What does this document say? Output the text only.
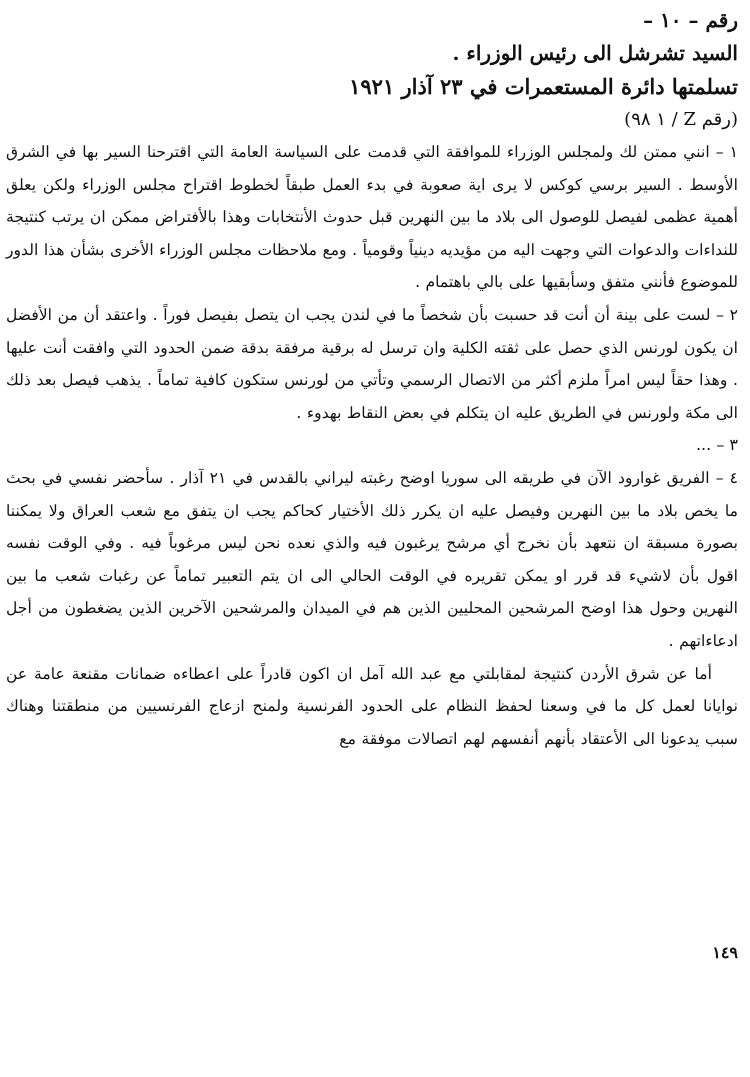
رقم – ١٠ –
السيد تشرشل الى رئيس الوزراء .
تسلمتها دائرة المستعمرات في ٢٣ آذار ١٩٢١
(رقم Z / ١ ٩٨)

١ – انني ممتن لك ولمجلس الوزراء للموافقة التي قدمت على السياسة العامة التي اقترحنا السير بها في الشرق الأوسط . السير برسي كوكس لا يرى اية صعوبة في بدء العمل طبقاً لخطوط اقتراح مجلس الوزراء ولكن يعلق أهمية عظمى لفيصل للوصول الى بلاد ما بين النهرين قبل حدوث الأنتخابات وهذا بالأفتراض ممكن ان يرتب كنتيجة للنداءات والدعوات التي وجهت اليه من مؤيديه دينياً وقومياً . ومع ملاحظات مجلس الوزراء الأخرى بشأن هذا الدور للموضوع فأنني متفق وسأبقيها على بالي باهتمام .

٢ – لست على بينة أن أنت قد حسبت بأن شخصاً ما في لندن يجب ان يتصل بفيصل فوراً . واعتقد أن من الأفضل ان يكون لورنس الذي حصل على ثقته الكلية وان ترسل له برقية مرفقة بدقة ضمن الحدود التي وافقت أنت عليها . وهذا حقاً ليس امراً ملزم أكثر من الاتصال الرسمي وتأتي من لورنس ستكون كافية تماماً . يذهب فيصل بعد ذلك الى مكة ولورنس في الطريق عليه ان يتكلم في بعض النقاط بهدوء .

٣ – ...

٤ – الفريق غوارود الآن في طريقه الى سوريا اوضح رغبته ليراني بالقدس في ٢١ آذار . سأحضر نفسي في بحث ما يخص بلاد ما بين النهرين وفيصل عليه ان يكرر ذلك الأختيار كحاكم يجب ان يتفق مع شعب العراق ولا يمكننا بصورة مسبقة ان نتعهد بأن نخرج أي مرشح يرغبون فيه والذي نعده نحن ليس مرغوباً فيه . وفي الوقت نفسه اقول بأن لاشيء قد قرر او يمكن تقريره في الوقت الحالي الى ان يتم التعبير تماماً عن رغبات شعب ما بين النهرين وحول هذا اوضح المرشحين المحليين الذين هم في الميدان والمرشحين الآخرين الذين يضغطون من أجل ادعاءاتهم .

أما عن شرق الأردن كنتيجة لمقابلتي مع عبد الله آمل ان اكون قادراً على اعطاءه ضمانات مقنعة عامة عن نوايانا لعمل كل ما في وسعنا لحفظ النظام على الحدود الفرنسية ولمنح ازعاج الفرنسيين من منطقتنا وهناك سبب يدعونا الى الأعتقاد بأنهم أنفسهم لهم اتصالات موفقة مع

١٤٩
